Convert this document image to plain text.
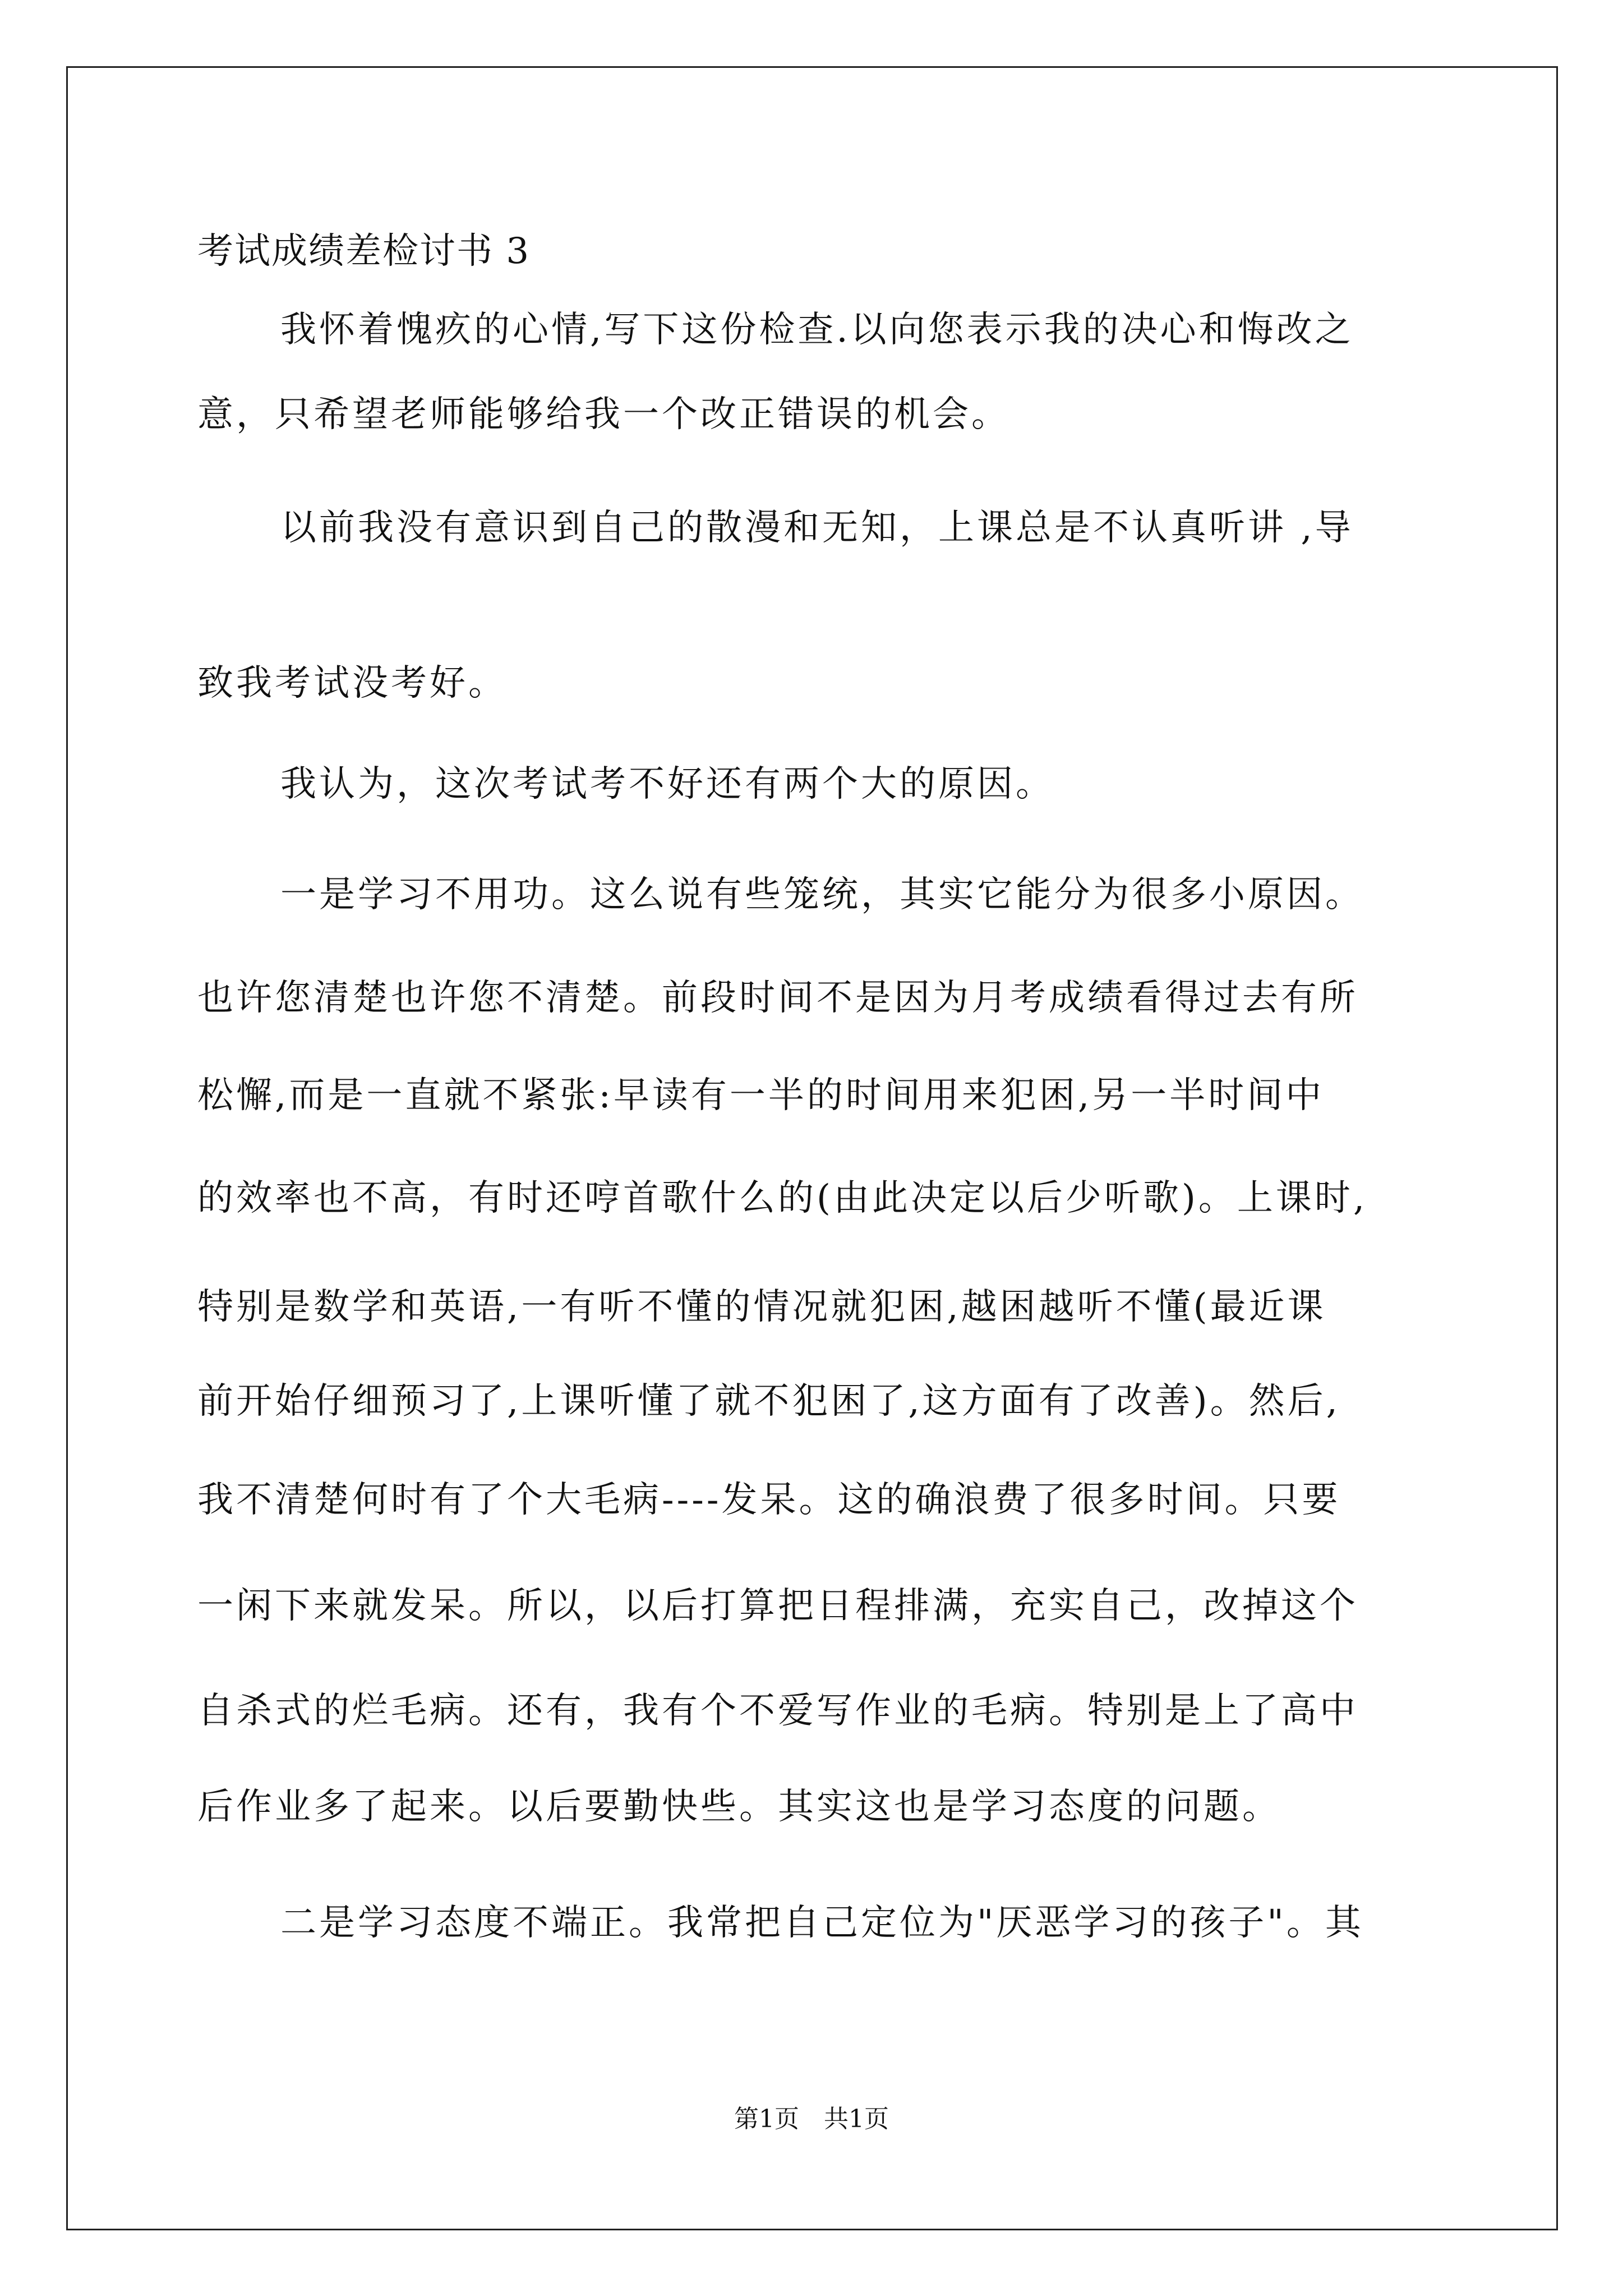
考试成绩差检讨书 3
我怀着愧疚的心情,写下这份检查.以向您表示我的决心和悔改之
意，只希望老师能够给我一个改正错误的机会。
以前我没有意识到自己的散漫和无知，上课总是不认真听讲 ,导
致我考试没考好。
我认为，这次考试考不好还有两个大的原因。
一是学习不用功。这么说有些笼统，其实它能分为很多小原因。
也许您清楚也许您不清楚。前段时间不是因为月考成绩看得过去有所
松懈,而是一直就不紧张:早读有一半的时间用来犯困,另一半时间中
的效率也不高，有时还哼首歌什么的(由此决定以后少听歌)。上课时,
特别是数学和英语,一有听不懂的情况就犯困,越困越听不懂(最近课
前开始仔细预习了,上课听懂了就不犯困了,这方面有了改善)。然后,
我不清楚何时有了个大毛病----发呆。这的确浪费了很多时间。只要
一闲下来就发呆。所以，以后打算把日程排满，充实自己，改掉这个
自杀式的烂毛病。还有，我有个不爱写作业的毛病。特别是上了高中
后作业多了起来。以后要勤快些。其实这也是学习态度的问题。
二是学习态度不端正。我常把自己定位为"厌恶学习的孩子"。其
第1页　共1页
